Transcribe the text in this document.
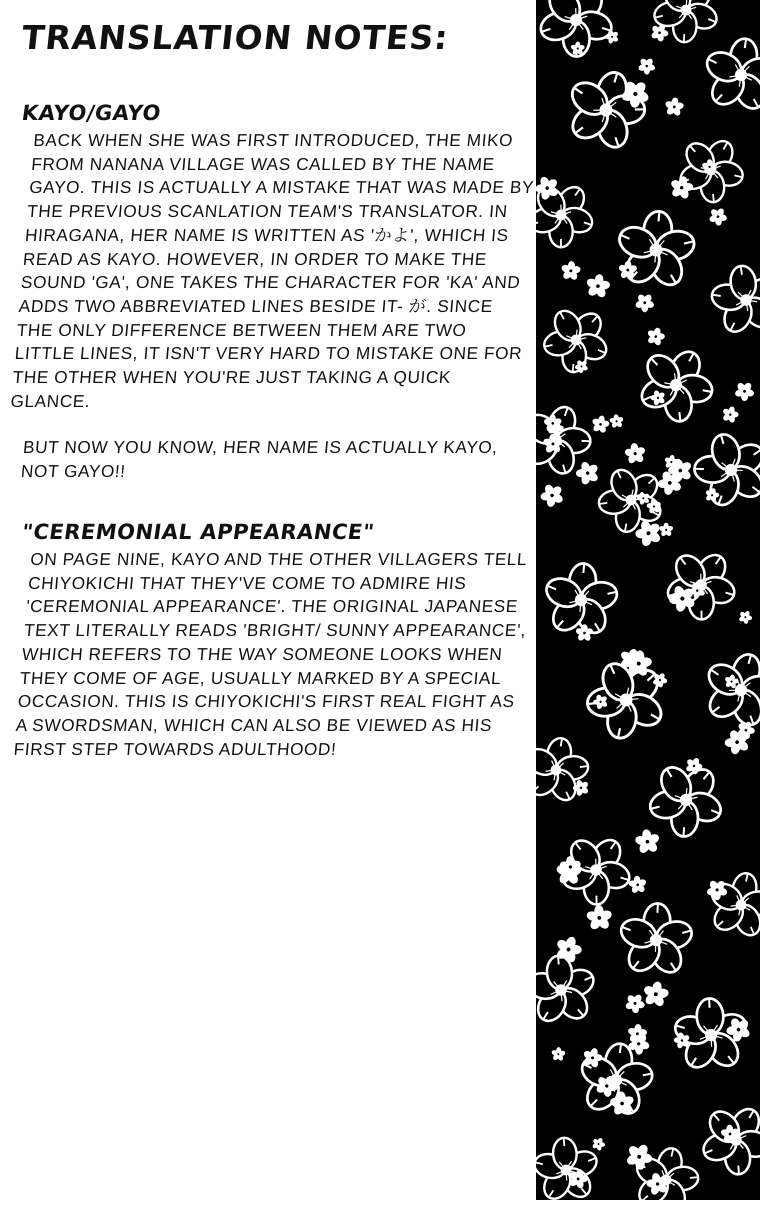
TRANSLATION NOTES:
KAYO/GAYO

BACK WHEN SHE WAS FIRST INTRODUCED, THE MIKO FROM NANANA VILLAGE WAS CALLED BY THE NAME GAYO. THIS IS ACTUALLY A MISTAKE THAT WAS MADE BY THE PREVIOUS SCANLATION TEAM'S TRANSLATOR. IN HIRAGANA, HER NAME IS WRITTEN AS 'かよ', WHICH IS READ AS KAYO. HOWEVER, IN ORDER TO MAKE THE SOUND 'GA', ONE TAKES THE CHARACTER FOR 'KA' AND ADDS TWO ABBREVIATED LINES BESIDE IT- が. SINCE THE ONLY DIFFERENCE BETWEEN THEM ARE TWO LITTLE LINES, IT ISN'T VERY HARD TO MISTAKE ONE FOR THE OTHER WHEN YOU'RE JUST TAKING A QUICK GLANCE.

BUT NOW YOU KNOW, HER NAME IS ACTUALLY KAYO, NOT GAYO!!

"CEREMONIAL APPEARANCE"

ON PAGE NINE, KAYO AND THE OTHER VILLAGERS TELL CHIYOKICHI THAT THEY'VE COME TO ADMIRE HIS 'CEREMONIAL APPEARANCE'. THE ORIGINAL JAPANESE TEXT LITERALLY READS 'BRIGHT/ SUNNY APPEARANCE', WHICH REFERS TO THE WAY SOMEONE LOOKS WHEN THEY COME OF AGE, USUALLY MARKED BY A SPECIAL OCCASION. THIS IS CHIYOKICHI'S FIRST REAL FIGHT AS A SWORDSMAN, WHICH CAN ALSO BE VIEWED AS HIS FIRST STEP TOWARDS ADULTHOOD!
